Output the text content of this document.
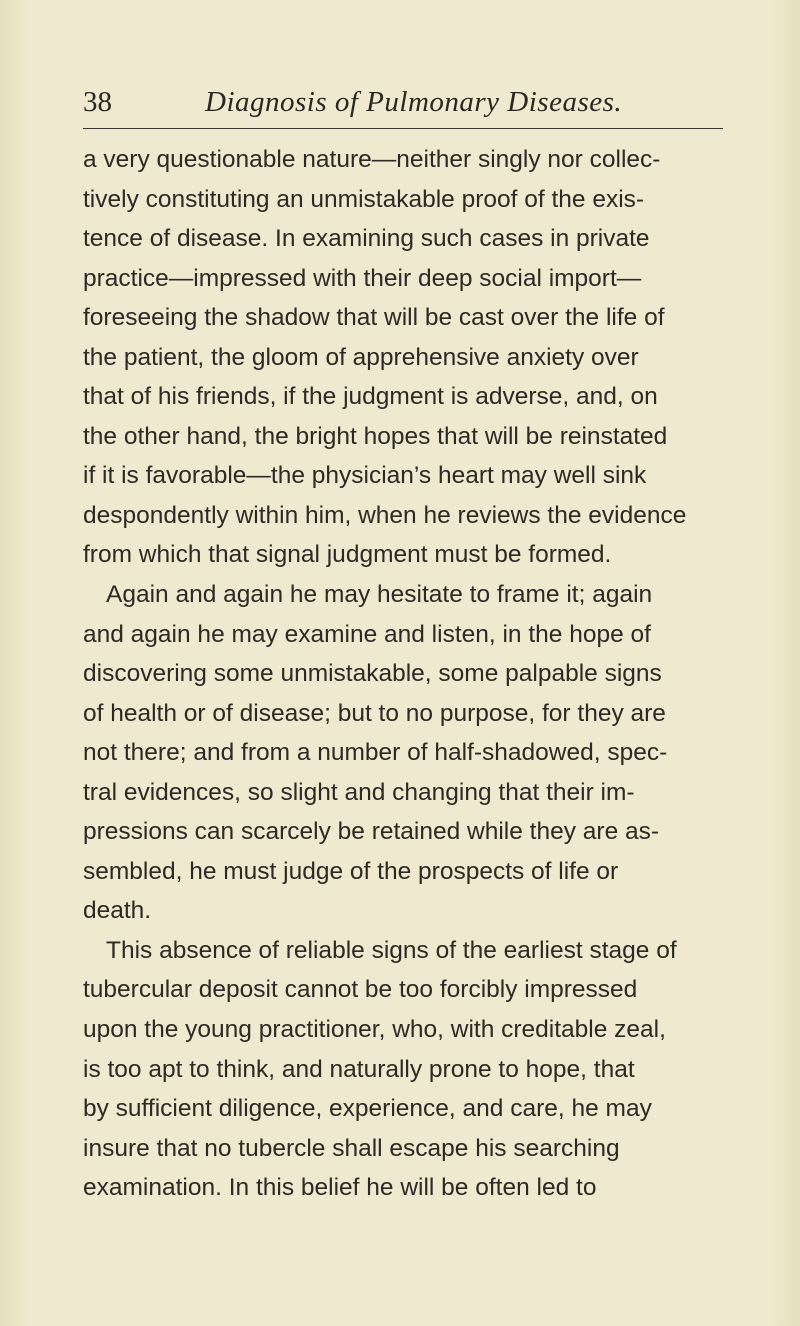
38	Diagnosis of Pulmonary Diseases.
a very questionable nature—neither singly nor collec-
tively constituting an unmistakable proof of the exis-
tence of disease. In examining such cases in private
practice—impressed with their deep social import—
foreseeing the shadow that will be cast over the life of
the patient, the gloom of apprehensive anxiety over
that of his friends, if the judgment is adverse, and, on
the other hand, the bright hopes that will be reinstated
if it is favorable—the physician’s heart may well sink
despondently within him, when he reviews the evidence
from which that signal judgment must be formed.
Again and again he may hesitate to frame it; again
and again he may examine and listen, in the hope of
discovering some unmistakable, some palpable signs
of health or of disease; but to no purpose, for they are
not there; and from a number of half-shadowed, spec-
tral evidences, so slight and changing that their im-
pressions can scarcely be retained while they are as-
sembled, he must judge of the prospects of life or
death.
This absence of reliable signs of the earliest stage of
tubercular deposit cannot be too forcibly impressed
upon the young practitioner, who, with creditable zeal,
is too apt to think, and naturally prone to hope, that
by sufficient diligence, experience, and care, he may
insure that no tubercle shall escape his searching
examination. In this belief he will be often led to
